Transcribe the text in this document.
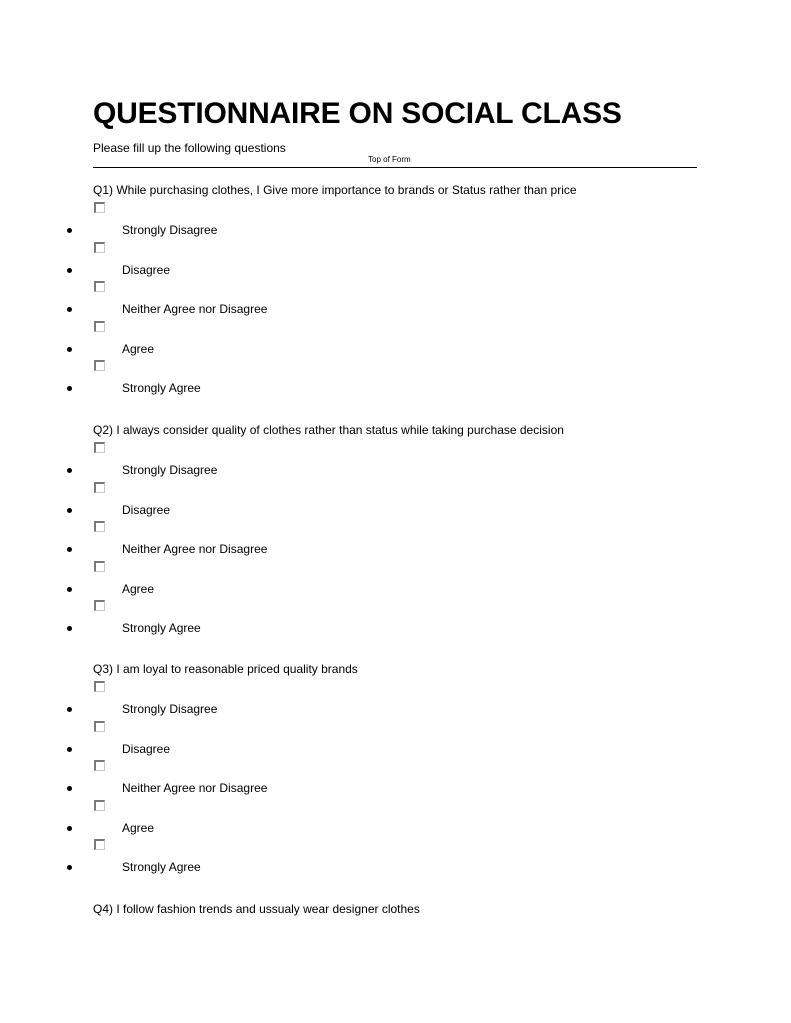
QUESTIONNAIRE ON SOCIAL CLASS
Please fill up the following questions
Top of Form
Q1) While purchasing clothes, I Give more importance to brands or Status rather than price
Strongly Disagree
Disagree
Neither Agree nor Disagree
Agree
Strongly Agree
Q2) I always consider quality of clothes rather than status while taking purchase decision
Strongly Disagree
Disagree
Neither Agree nor Disagree
Agree
Strongly Agree
Q3) I am loyal to reasonable priced quality brands
Strongly Disagree
Disagree
Neither Agree nor Disagree
Agree
Strongly Agree
Q4) I follow fashion trends and ussualy wear designer clothes
